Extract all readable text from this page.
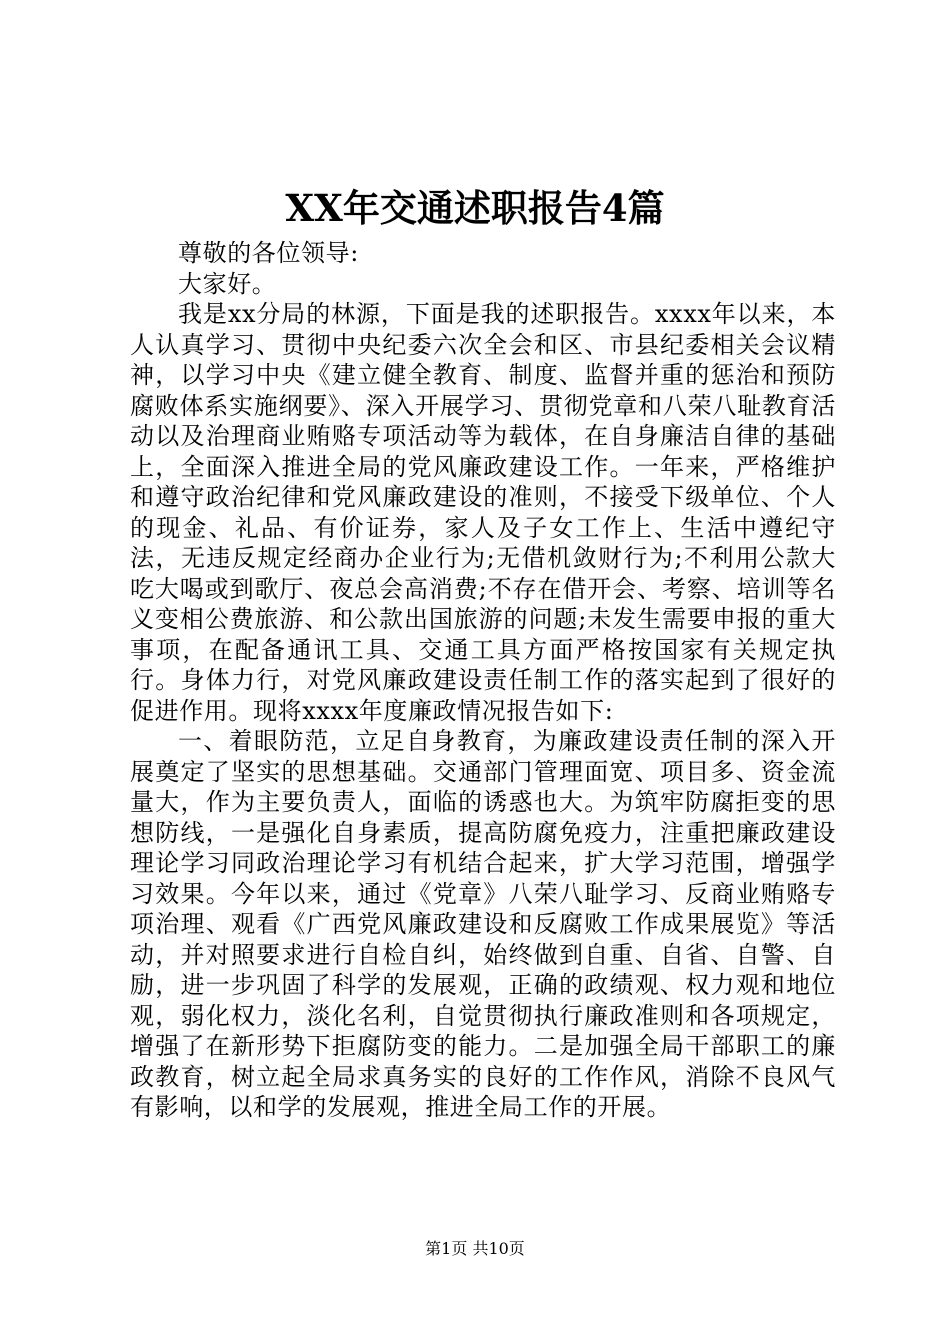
XX年交通述职报告4篇

尊敬的各位领导:

大家好。

我是xx分局的林源，下面是我的述职报告。xxxx年以来，本人认真学习、贯彻中央纪委六次全会和区、市县纪委相关会议精神，以学习中央《建立健全教育、制度、监督并重的惩治和预防腐败体系实施纲要》、深入开展学习、贯彻党章和八荣八耻教育活动以及治理商业贿赂专项活动等为载体，在自身廉洁自律的基础上，全面深入推进全局的党风廉政建设工作。一年来，严格维护和遵守政治纪律和党风廉政建设的准则，不接受下级单位、个人的现金、礼品、有价证券，家人及子女工作上、生活中遵纪守法，无违反规定经商办企业行为;无借机敛财行为;不利用公款大吃大喝或到歌厅、夜总会高消费;不存在借开会、考察、培训等名义变相公费旅游、和公款出国旅游的问题;未发生需要申报的重大事项，在配备通讯工具、交通工具方面严格按国家有关规定执行。身体力行，对党风廉政建设责任制工作的落实起到了很好的促进作用。现将xxxx年度廉政情况报告如下:

一、着眼防范，立足自身教育，为廉政建设责任制的深入开展奠定了坚实的思想基础。交通部门管理面宽、项目多、资金流量大，作为主要负责人，面临的诱惑也大。为筑牢防腐拒变的思想防线，一是强化自身素质，提高防腐免疫力，注重把廉政建设理论学习同政治理论学习有机结合起来，扩大学习范围，增强学习效果。今年以来，通过《党章》八荣八耻学习、反商业贿赂专项治理、观看《广西党风廉政建设和反腐败工作成果展览》等活动，并对照要求进行自检自纠，始终做到自重、自省、自警、自励，进一步巩固了科学的发展观，正确的政绩观、权力观和地位观，弱化权力，淡化名利，自觉贯彻执行廉政准则和各项规定，增强了在新形势下拒腐防变的能力。二是加强全局干部职工的廉政教育，树立起全局求真务实的良好的工作作风，消除不良风气有影响，以和学的发展观，推进全局工作的开展。

第1页 共10页
